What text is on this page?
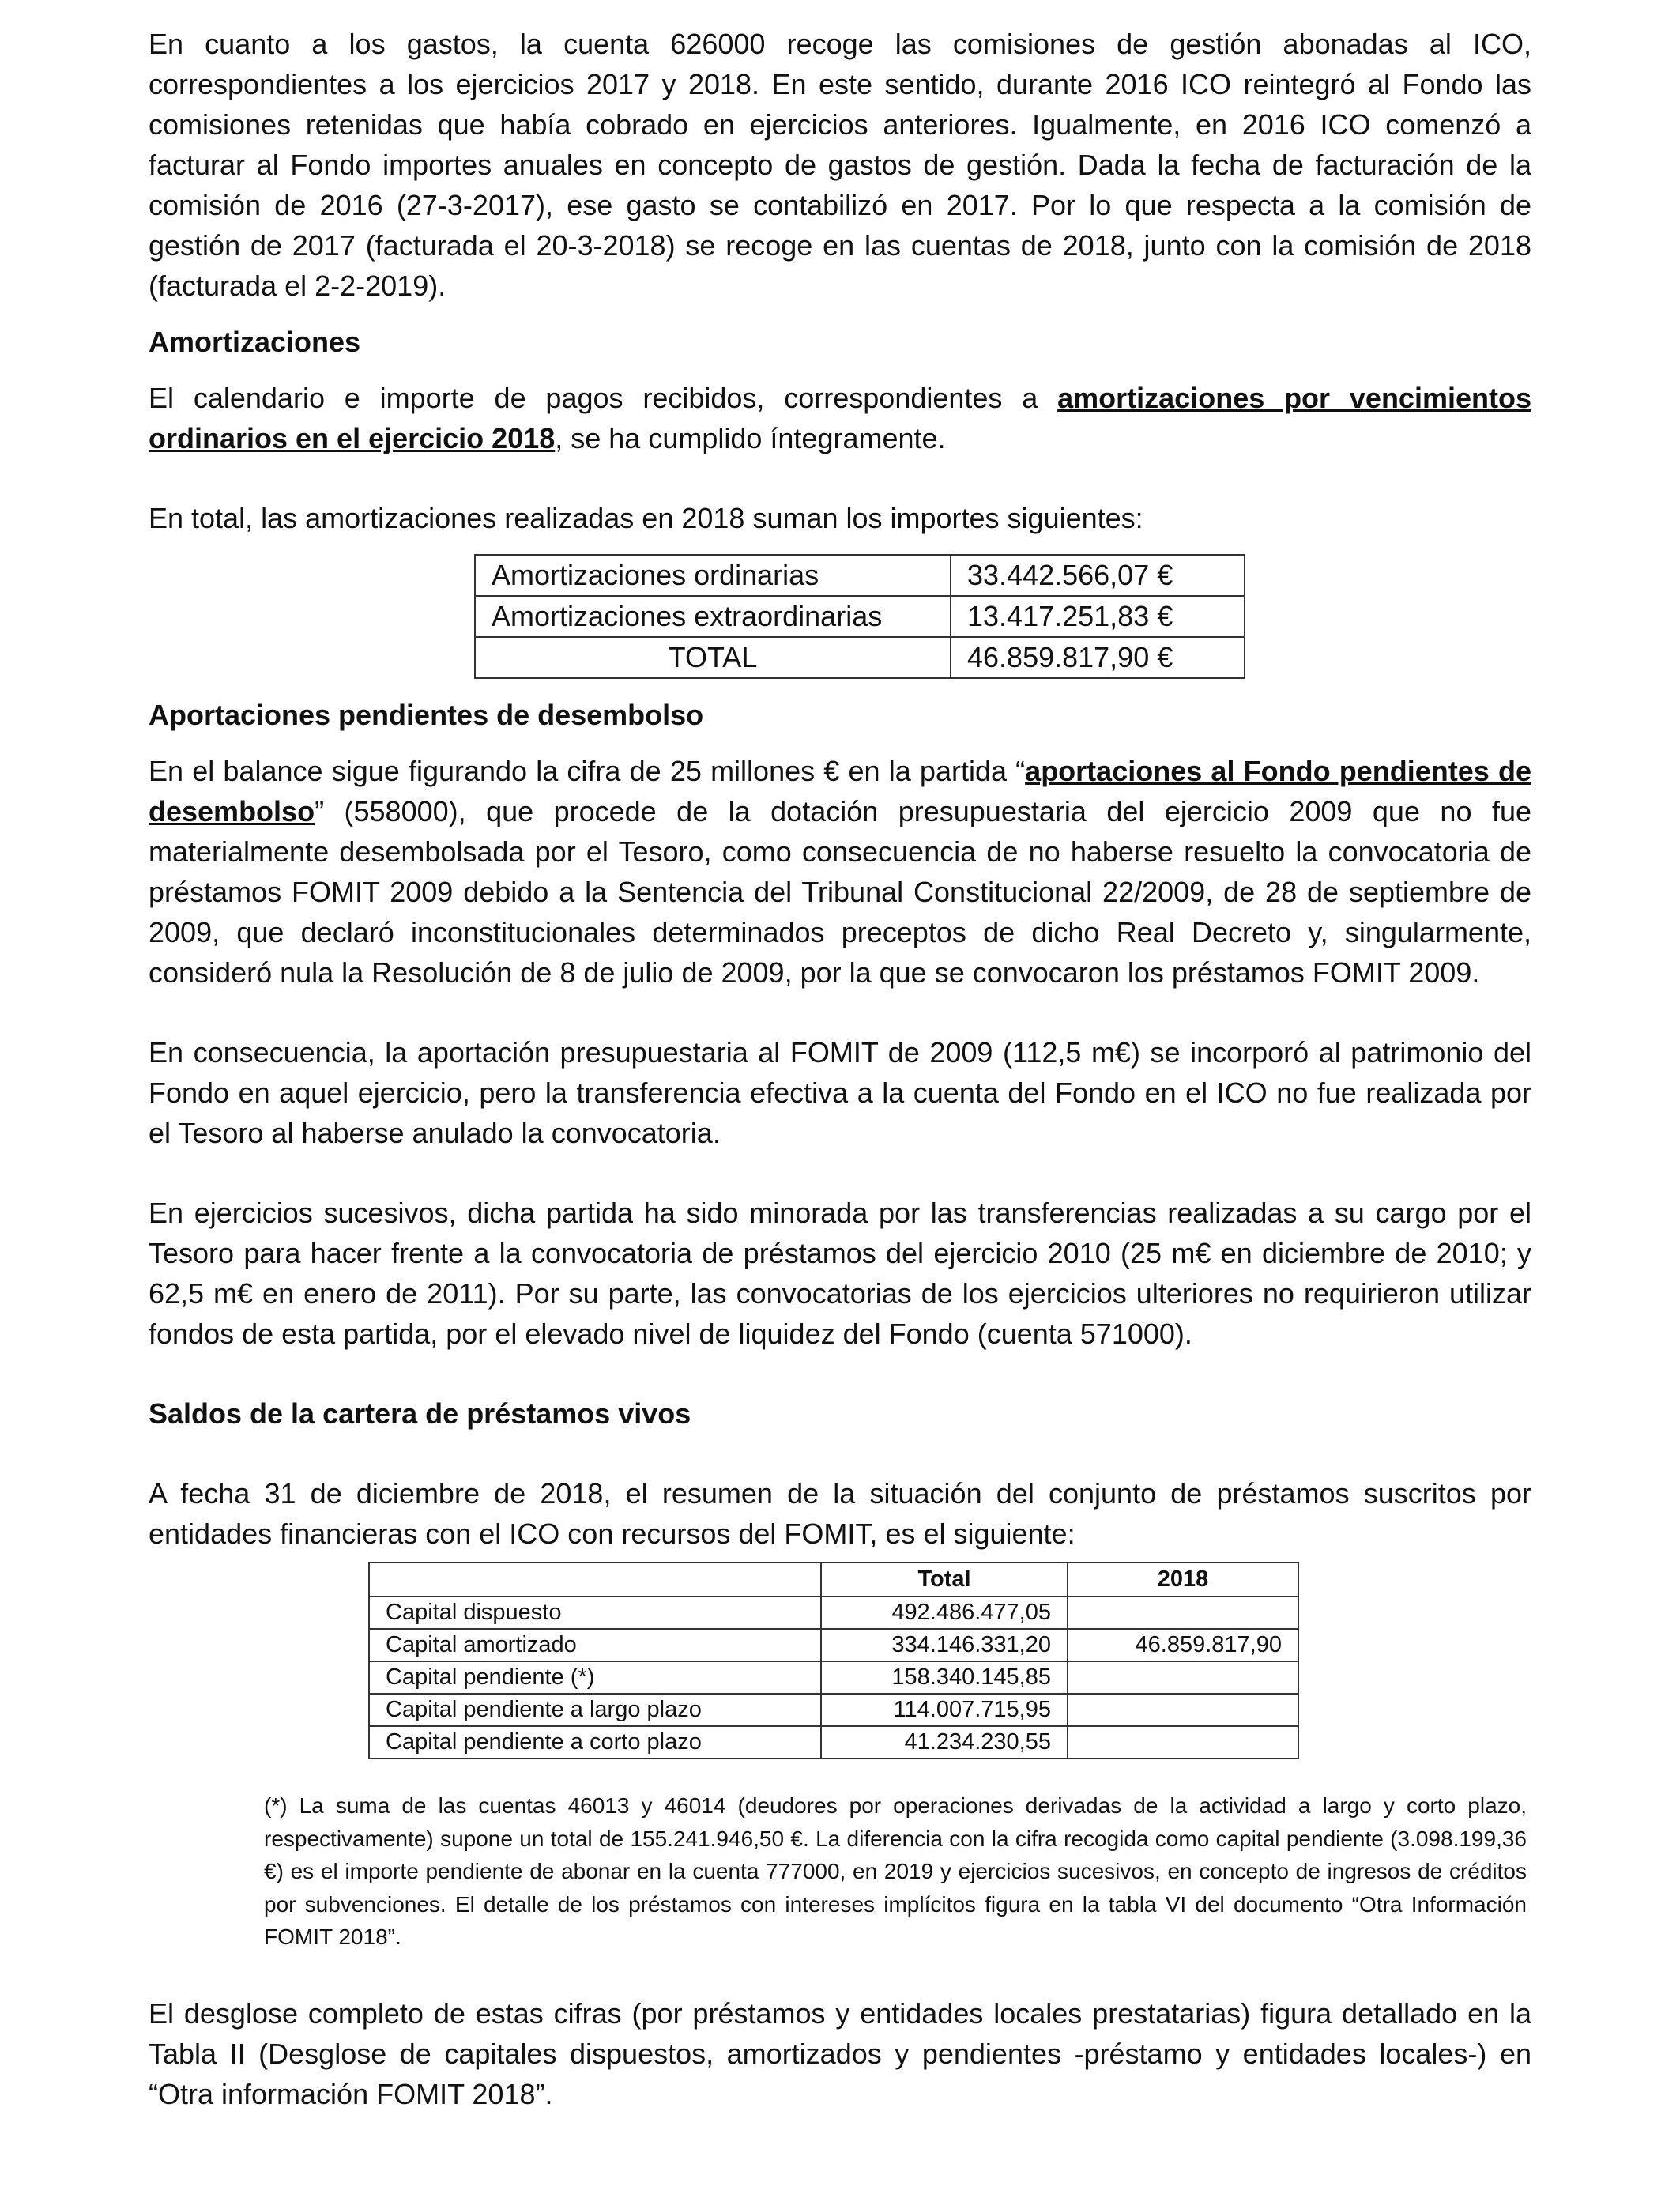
En cuanto a los gastos, la cuenta 626000 recoge las comisiones de gestión abonadas al ICO, correspondientes a los ejercicios 2017 y 2018. En este sentido, durante 2016 ICO reintegró al Fondo las comisiones retenidas que había cobrado en ejercicios anteriores. Igualmente, en 2016 ICO comenzó a facturar al Fondo importes anuales en concepto de gastos de gestión. Dada la fecha de facturación de la comisión de 2016 (27-3-2017), ese gasto se contabilizó en 2017. Por lo que respecta a la comisión de gestión de 2017 (facturada el 20-3-2018) se recoge en las cuentas de 2018, junto con la comisión de 2018 (facturada el 2-2-2019).

Amortizaciones

El calendario e importe de pagos recibidos, correspondientes a amortizaciones por vencimientos ordinarios en el ejercicio 2018, se ha cumplido íntegramente.

En total, las amortizaciones realizadas en 2018 suman los importes siguientes:

Amortizaciones ordinarias	33.442.566,07 €
Amortizaciones extraordinarias	13.417.251,83 €
TOTAL	46.859.817,90 €
Aportaciones pendientes de desembolso

En el balance sigue figurando la cifra de 25 millones € en la partida “aportaciones al Fondo pendientes de desembolso” (558000), que procede de la dotación presupuestaria del ejercicio 2009 que no fue materialmente desembolsada por el Tesoro, como consecuencia de no haberse resuelto la convocatoria de préstamos FOMIT 2009 debido a la Sentencia del Tribunal Constitucional 22/2009, de 28 de septiembre de 2009, que declaró inconstitucionales determinados preceptos de dicho Real Decreto y, singularmente, consideró nula la Resolución de 8 de julio de 2009, por la que se convocaron los préstamos FOMIT 2009.

En consecuencia, la aportación presupuestaria al FOMIT de 2009 (112,5 m€) se incorporó al patrimonio del Fondo en aquel ejercicio, pero la transferencia efectiva a la cuenta del Fondo en el ICO no fue realizada por el Tesoro al haberse anulado la convocatoria.

En ejercicios sucesivos, dicha partida ha sido minorada por las transferencias realizadas a su cargo por el Tesoro para hacer frente a la convocatoria de préstamos del ejercicio 2010 (25 m€ en diciembre de 2010; y 62,5 m€ en enero de 2011). Por su parte, las convocatorias de los ejercicios ulteriores no requirieron utilizar fondos de esta partida, por el elevado nivel de liquidez del Fondo (cuenta 571000).

Saldos de la cartera de préstamos vivos

A fecha 31 de diciembre de 2018, el resumen de la situación del conjunto de préstamos suscritos por entidades financieras con el ICO con recursos del FOMIT, es el siguiente:

	Total	2018
Capital dispuesto	492.486.477,05	
Capital amortizado	334.146.331,20	46.859.817,90
Capital pendiente (*)	158.340.145,85	
Capital pendiente a largo plazo	114.007.715,95	
Capital pendiente a corto plazo	41.234.230,55	

(*) La suma de las cuentas 46013 y 46014 (deudores por operaciones derivadas de la actividad a largo y corto plazo, respectivamente) supone un total de 155.241.946,50 €. La diferencia con la cifra recogida como capital pendiente (3.098.199,36 €) es el importe pendiente de abonar en la cuenta 777000, en 2019 y ejercicios sucesivos, en concepto de ingresos de créditos por subvenciones. El detalle de los préstamos con intereses implícitos figura en la tabla VI del documento “Otra Información FOMIT 2018”.

El desglose completo de estas cifras (por préstamos y entidades locales prestatarias) figura detallado en la Tabla II (Desglose de capitales dispuestos, amortizados y pendientes -préstamo y entidades locales-) en “Otra información FOMIT 2018”.
